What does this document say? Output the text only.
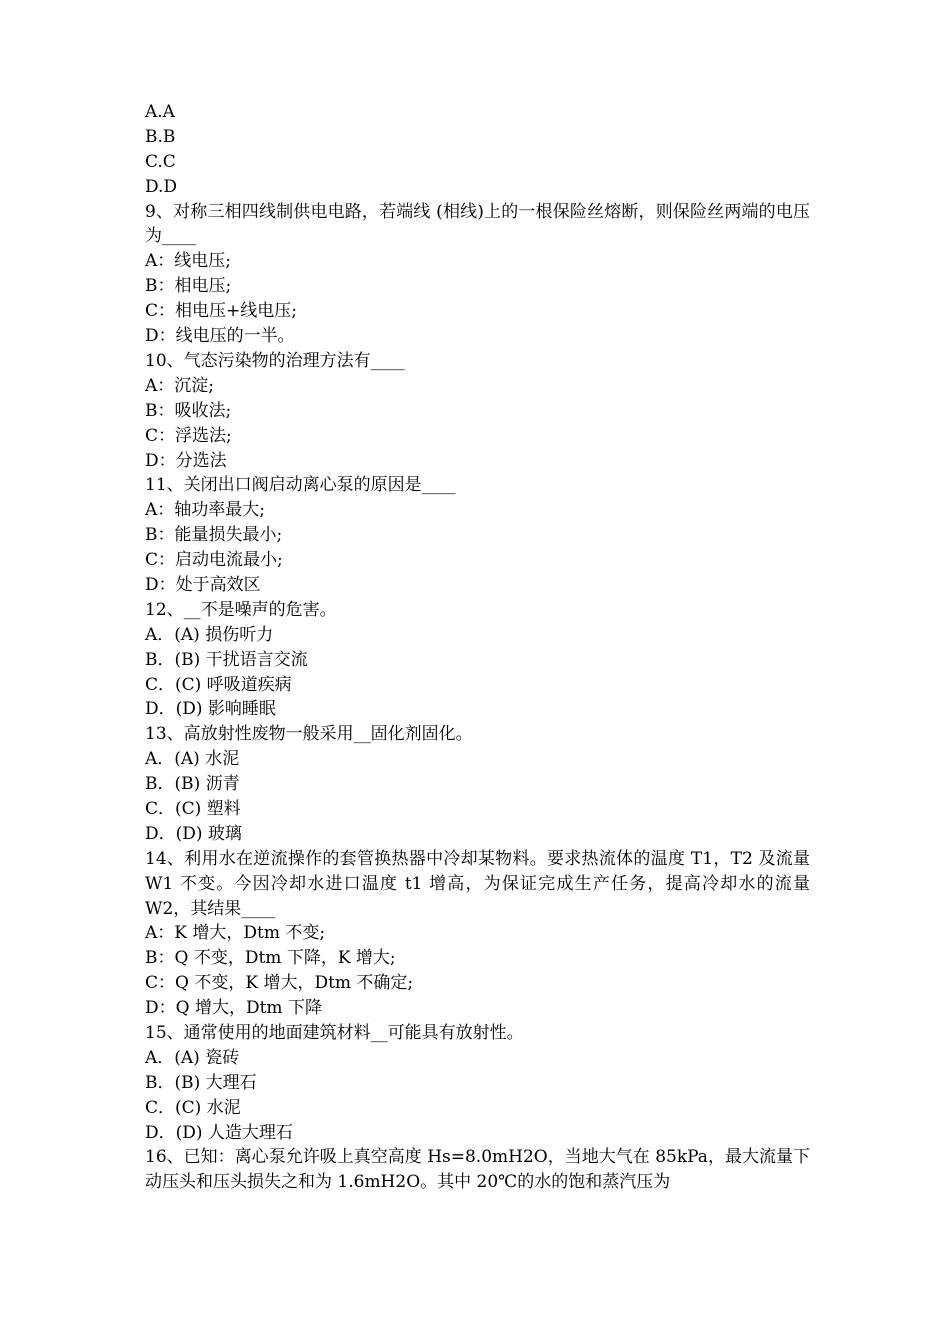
A.A
B.B
C.C
D.D
9、对称三相四线制供电电路，若端线 (相线)上的一根保险丝熔断，则保险丝两端的电压为____
A：线电压;
B：相电压;
C：相电压+线电压;
D：线电压的一半。
10、气态污染物的治理方法有____
A：沉淀;
B：吸收法;
C：浮选法;
D：分选法
11、关闭出口阀启动离心泵的原因是____
A：轴功率最大;
B：能量损失最小;
C：启动电流最小;
D：处于高效区
12、__不是噪声的危害。
A．(A) 损伤听力
B．(B) 干扰语言交流
C．(C) 呼吸道疾病
D．(D) 影响睡眠
13、高放射性废物一般采用__固化剂固化。
A．(A) 水泥
B．(B) 沥青
C．(C) 塑料
D．(D) 玻璃
14、利用水在逆流操作的套管换热器中冷却某物料。要求热流体的温度 T1，T2 及流量 W1 不变。今因冷却水进口温度 t1 增高，为保证完成生产任务，提高冷却水的流量 W2，其结果____
A：K 增大，Dtm 不变;
B：Q 不变，Dtm 下降，K 增大;
C：Q 不变，K 增大，Dtm 不确定;
D：Q 增大，Dtm 下降
15、通常使用的地面建筑材料__可能具有放射性。
A．(A) 瓷砖
B．(B) 大理石
C．(C) 水泥
D．(D) 人造大理石
16、已知：离心泵允许吸上真空高度 Hs=8.0mH2O，当地大气在 85kPa，最大流量下动压头和压头损失之和为 1.6mH2O。其中 20℃的水的饱和蒸汽压为
